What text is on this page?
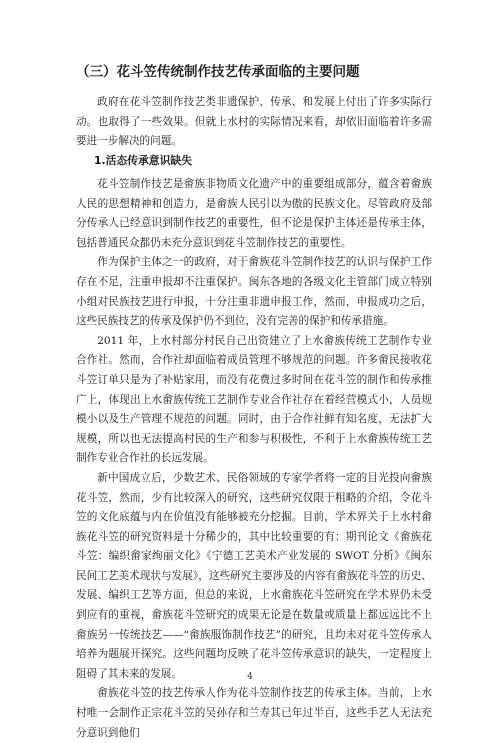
（三）花斗笠传统制作技艺传承面临的主要问题

政府在花斗笠制作技艺类非遗保护、传承、和发展上付出了许多实际行动。也取得了一些效果。但就上水村的实际情况来看，却依旧面临着许多需要进一步解决的问题。

1.活态传承意识缺失

花斗笠制作技艺是畲族非物质文化遗产中的重要组成部分，蕴含着畲族人民的思想精神和创造力，是畲族人民引以为傲的民族文化。尽管政府及部分传承人已经意识到制作技艺的重要性，但不论是保护主体还是传承主体，包括普通民众都仍未充分意识到花斗笠制作技艺的重要性。

作为保护主体之一的政府，对于畲族花斗笠制作技艺的认识与保护工作存在不足，注重申报却不注重保护。闽东各地的各级文化主管部门成立特别小组对民族技艺进行申报，十分注重非遗申报工作，然而，申报成功之后，这些民族技艺的传承及保护仍不到位，没有完善的保护和传承措施。

2011 年，上水村部分村民自己出资建立了上水畲族传统工艺制作专业合作社。然而，合作社却面临着成员管理不够规范的问题。许多畲民接收花斗笠订单只是为了补贴家用，而没有花费过多时间在花斗笠的制作和传承推广上，体现出上水畲族传统工艺制作专业合作社存在着经营模式小，人员规模小以及生产管理不规范的问题。同时，由于合作社鲜有知名度，无法扩大规模，所以也无法提高村民的生产和参与积极性，不利于上水畲族传统工艺制作专业合作社的长远发展。

新中国成立后，少数艺术、民俗领域的专家学者将一定的目光投向畲族花斗笠，然而，少有比较深入的研究，这些研究仅限于粗略的介绍，令花斗笠的文化底蕴与内在价值没有能够被充分挖掘。目前，学术界关于上水村畲族花斗笠的研究资料是十分稀少的，其中比较重要的有：期刊论文《畲族花斗笠：编织畲家绚丽文化》《宁德工艺美术产业发展的 SWOT 分析》《闽东民间工艺美术现状与发展》，这些研究主要涉及的内容有畲族花斗笠的历史、发展、编织工艺等方面，但总的来说，上水畲族花斗笠研究在学术界仍未受到应有的重视，畲族花斗笠研究的成果无论是在数量或质量上都远远比不上畲族另一传统技艺——“畲族服饰制作技艺”的研究，且均未对花斗笠传承人培养为题展开探究。这些问题均反映了花斗笠传承意识的缺失，一定程度上阻碍了其未来的发展。

畲族花斗笠的技艺传承人作为花斗笠制作技艺的传承主体。当前，上水村唯一会制作正宗花斗笠的吴孙存和兰寿其已年过半百，这些手艺人无法充分意识到他们

4
